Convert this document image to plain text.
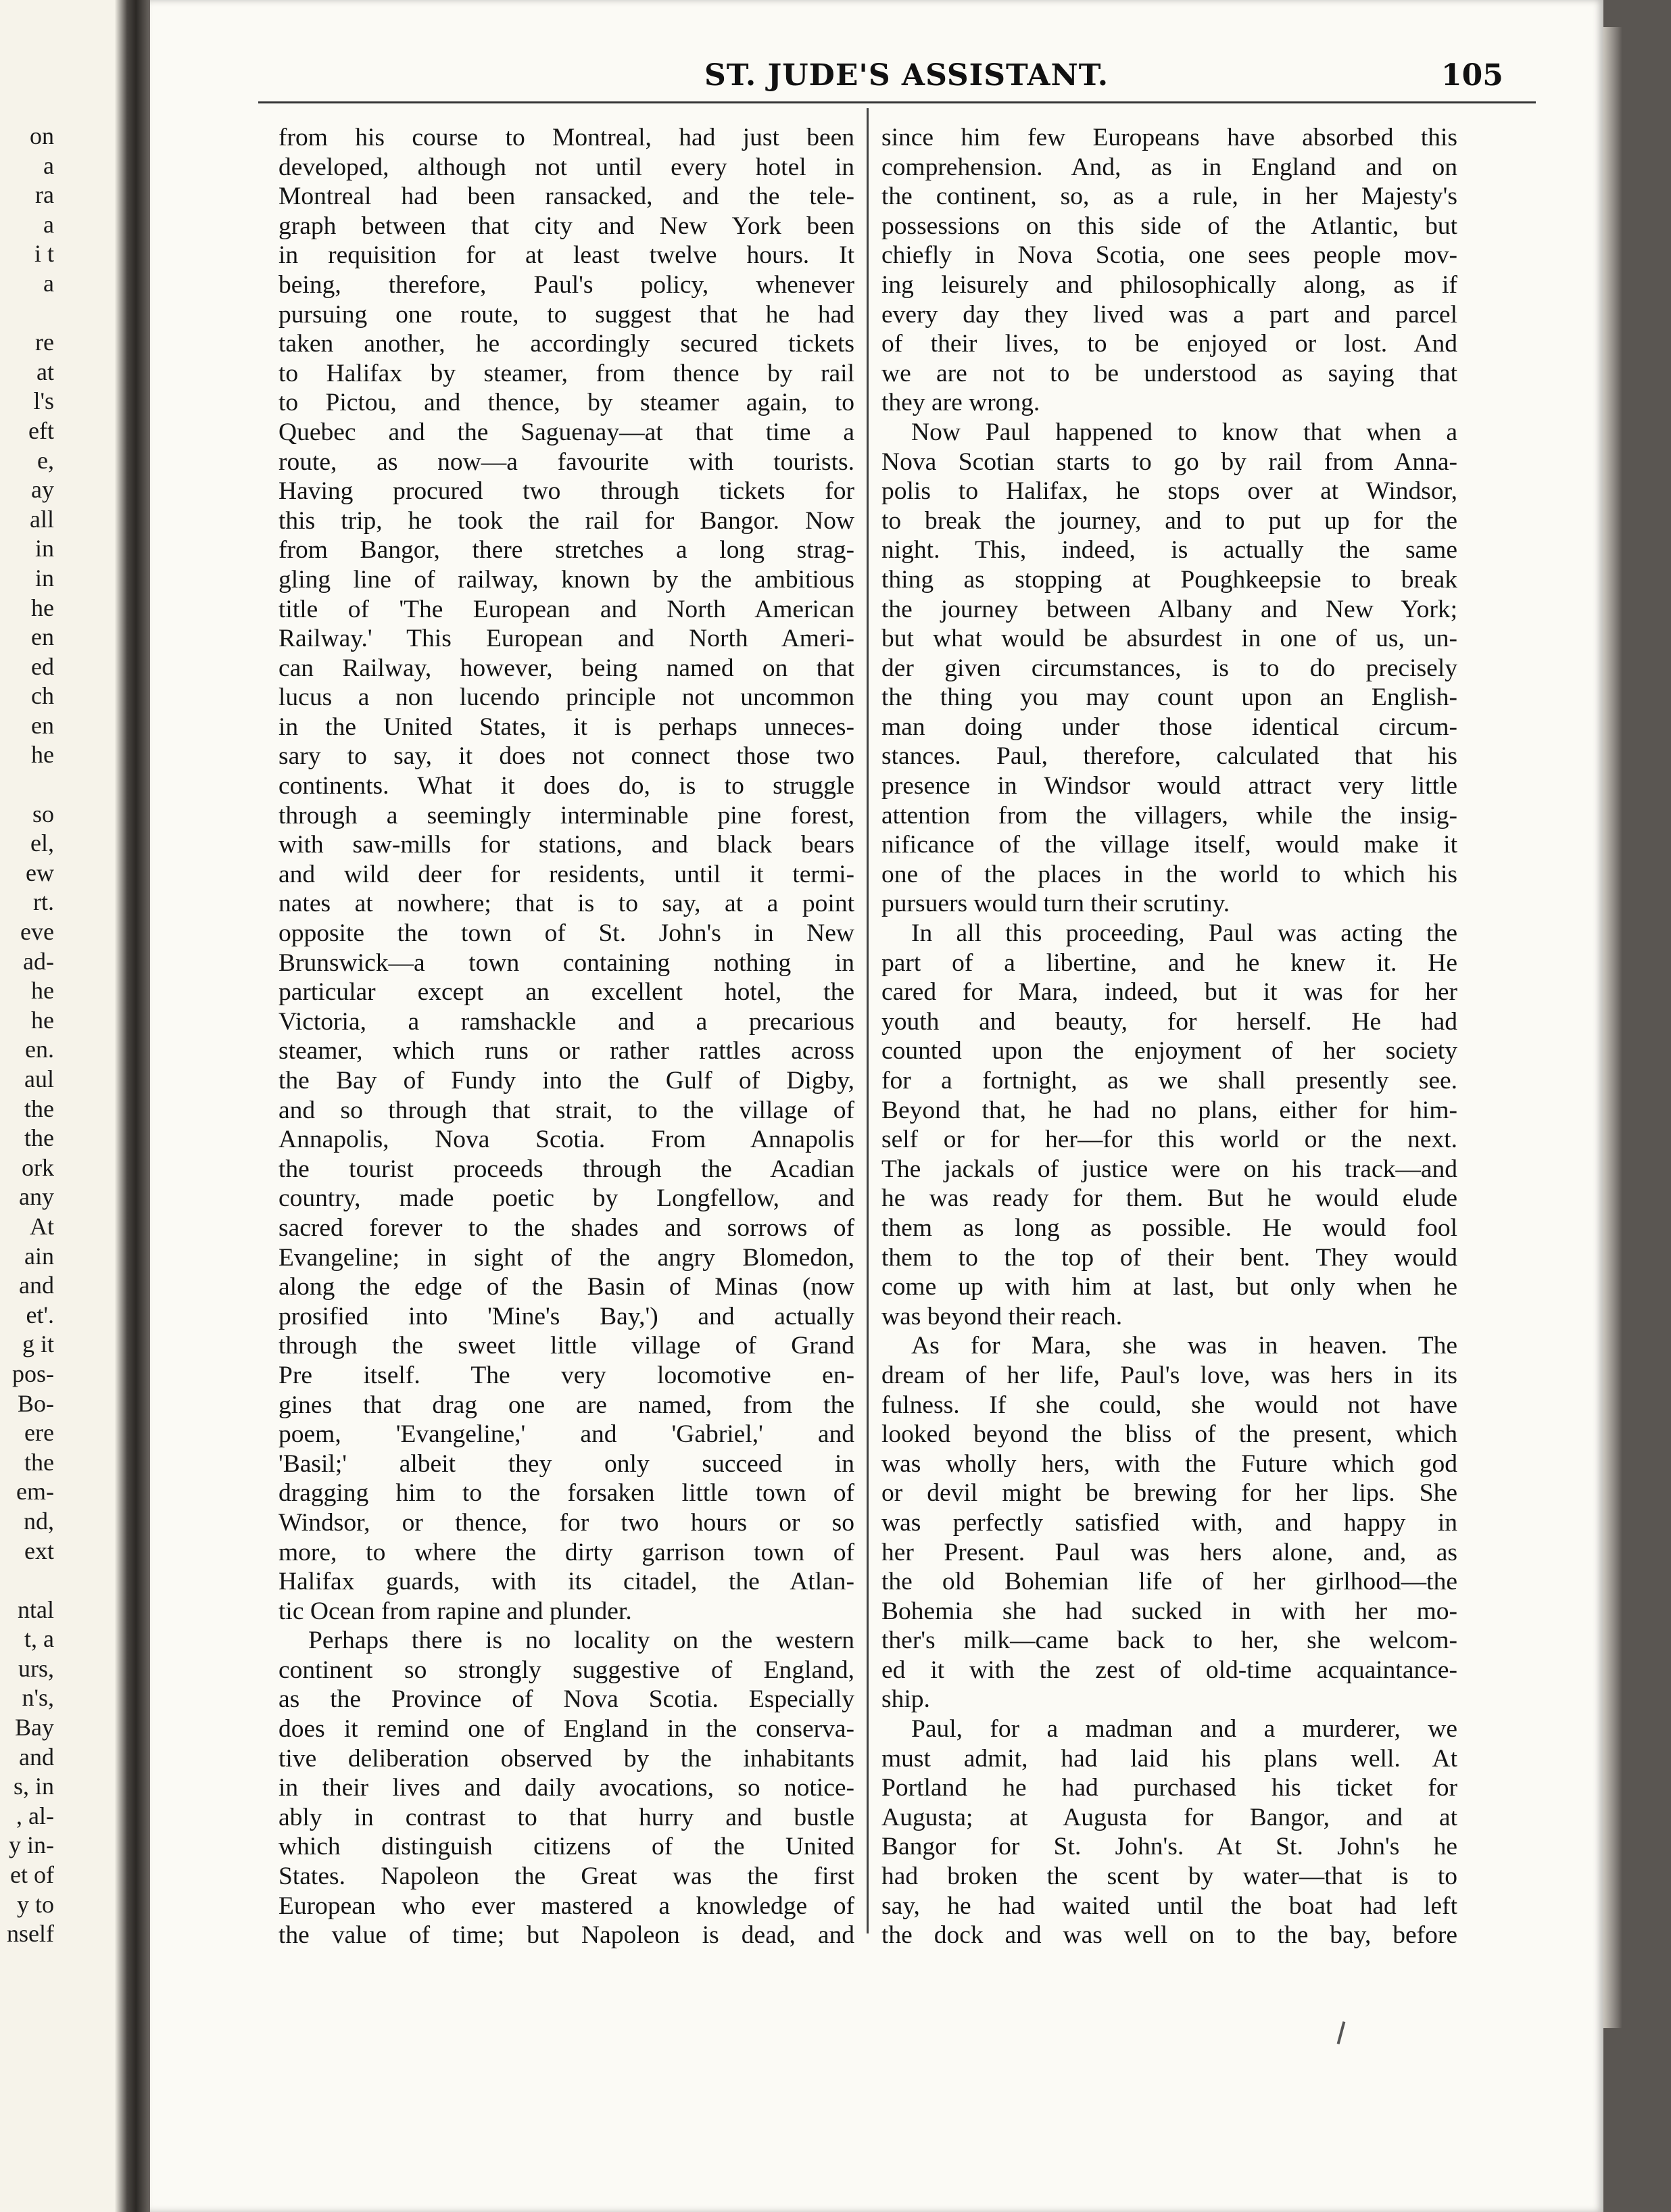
on
a
ra
a
i t
a
re
at
l's
eft
e,
ay
all
in
in
he
en
ed
ch
en
he
so
el,
ew
rt.
eve
ad-
he
he
en.
aul
the
the
ork
any
At
ain
and
et'.
g it
pos-
Bo-
ere
the
em-
nd,
ext
ntal
t, a
urs,
n's,
Bay
and
s, in
, al-
y in-
et of
y to
nself
ST. JUDE'S ASSISTANT.	105
from his course to Montreal, had just been
developed, although not until every hotel in
Montreal had been ransacked, and the tele-
graph between that city and New York been
in requisition for at least twelve hours. It
being, therefore, Paul's policy, whenever
pursuing one route, to suggest that he had
taken another, he accordingly secured tickets
to Halifax by steamer, from thence by rail
to Pictou, and thence, by steamer again, to
Quebec and the Saguenay—at that time a
route, as now—a favourite with tourists.
Having procured two through tickets for
this trip, he took the rail for Bangor. Now
from Bangor, there stretches a long strag-
gling line of railway, known by the ambitious
title of 'The European and North American
Railway.' This European and North Ameri-
can Railway, however, being named on that
lucus a non lucendo principle not uncommon
in the United States, it is perhaps unneces-
sary to say, it does not connect those two
continents. What it does do, is to struggle
through a seemingly interminable pine forest,
with saw-mills for stations, and black bears
and wild deer for residents, until it termi-
nates at nowhere; that is to say, at a point
opposite the town of St. John's in New
Brunswick—a town containing nothing in
particular except an excellent hotel, the
Victoria, a ramshackle and a precarious
steamer, which runs or rather rattles across
the Bay of Fundy into the Gulf of Digby,
and so through that strait, to the village of
Annapolis, Nova Scotia. From Annapolis
the tourist proceeds through the Acadian
country, made poetic by Longfellow, and
sacred forever to the shades and sorrows of
Evangeline; in sight of the angry Blomedon,
along the edge of the Basin of Minas (now
prosified into 'Mine's Bay,') and actually
through the sweet little village of Grand
Pre itself. The very locomotive en-
gines that drag one are named, from the
poem, 'Evangeline,' and 'Gabriel,' and
'Basil;' albeit they only succeed in
dragging him to the forsaken little town of
Windsor, or thence, for two hours or so
more, to where the dirty garrison town of
Halifax guards, with its citadel, the Atlan-
tic Ocean from rapine and plunder.
Perhaps there is no locality on the western
continent so strongly suggestive of England,
as the Province of Nova Scotia. Especially
does it remind one of England in the conserva-
tive deliberation observed by the inhabitants
in their lives and daily avocations, so notice-
ably in contrast to that hurry and bustle
which distinguish citizens of the United
States. Napoleon the Great was the first
European who ever mastered a knowledge of
the value of time; but Napoleon is dead, and
since him few Europeans have absorbed this
comprehension. And, as in England and on
the continent, so, as a rule, in her Majesty's
possessions on this side of the Atlantic, but
chiefly in Nova Scotia, one sees people mov-
ing leisurely and philosophically along, as if
every day they lived was a part and parcel
of their lives, to be enjoyed or lost. And
we are not to be understood as saying that
they are wrong.
Now Paul happened to know that when a
Nova Scotian starts to go by rail from Anna-
polis to Halifax, he stops over at Windsor,
to break the journey, and to put up for the
night. This, indeed, is actually the same
thing as stopping at Poughkeepsie to break
the journey between Albany and New York;
but what would be absurdest in one of us, un-
der given circumstances, is to do precisely
the thing you may count upon an English-
man doing under those identical circum-
stances. Paul, therefore, calculated that his
presence in Windsor would attract very little
attention from the villagers, while the insig-
nificance of the village itself, would make it
one of the places in the world to which his
pursuers would turn their scrutiny.
In all this proceeding, Paul was acting the
part of a libertine, and he knew it. He
cared for Mara, indeed, but it was for her
youth and beauty, for herself. He had
counted upon the enjoyment of her society
for a fortnight, as we shall presently see.
Beyond that, he had no plans, either for him-
self or for her—for this world or the next.
The jackals of justice were on his track—and
he was ready for them. But he would elude
them as long as possible. He would fool
them to the top of their bent. They would
come up with him at last, but only when he
was beyond their reach.
As for Mara, she was in heaven. The
dream of her life, Paul's love, was hers in its
fulness. If she could, she would not have
looked beyond the bliss of the present, which
was wholly hers, with the Future which god
or devil might be brewing for her lips. She
was perfectly satisfied with, and happy in
her Present. Paul was hers alone, and, as
the old Bohemian life of her girlhood—the
Bohemia she had sucked in with her mo-
ther's milk—came back to her, she welcom-
ed it with the zest of old-time acquaintance-
ship.
Paul, for a madman and a murderer, we
must admit, had laid his plans well. At
Portland he had purchased his ticket for
Augusta; at Augusta for Bangor, and at
Bangor for St. John's. At St. John's he
had broken the scent by water—that is to
say, he had waited until the boat had left
the dock and was well on to the bay, before
